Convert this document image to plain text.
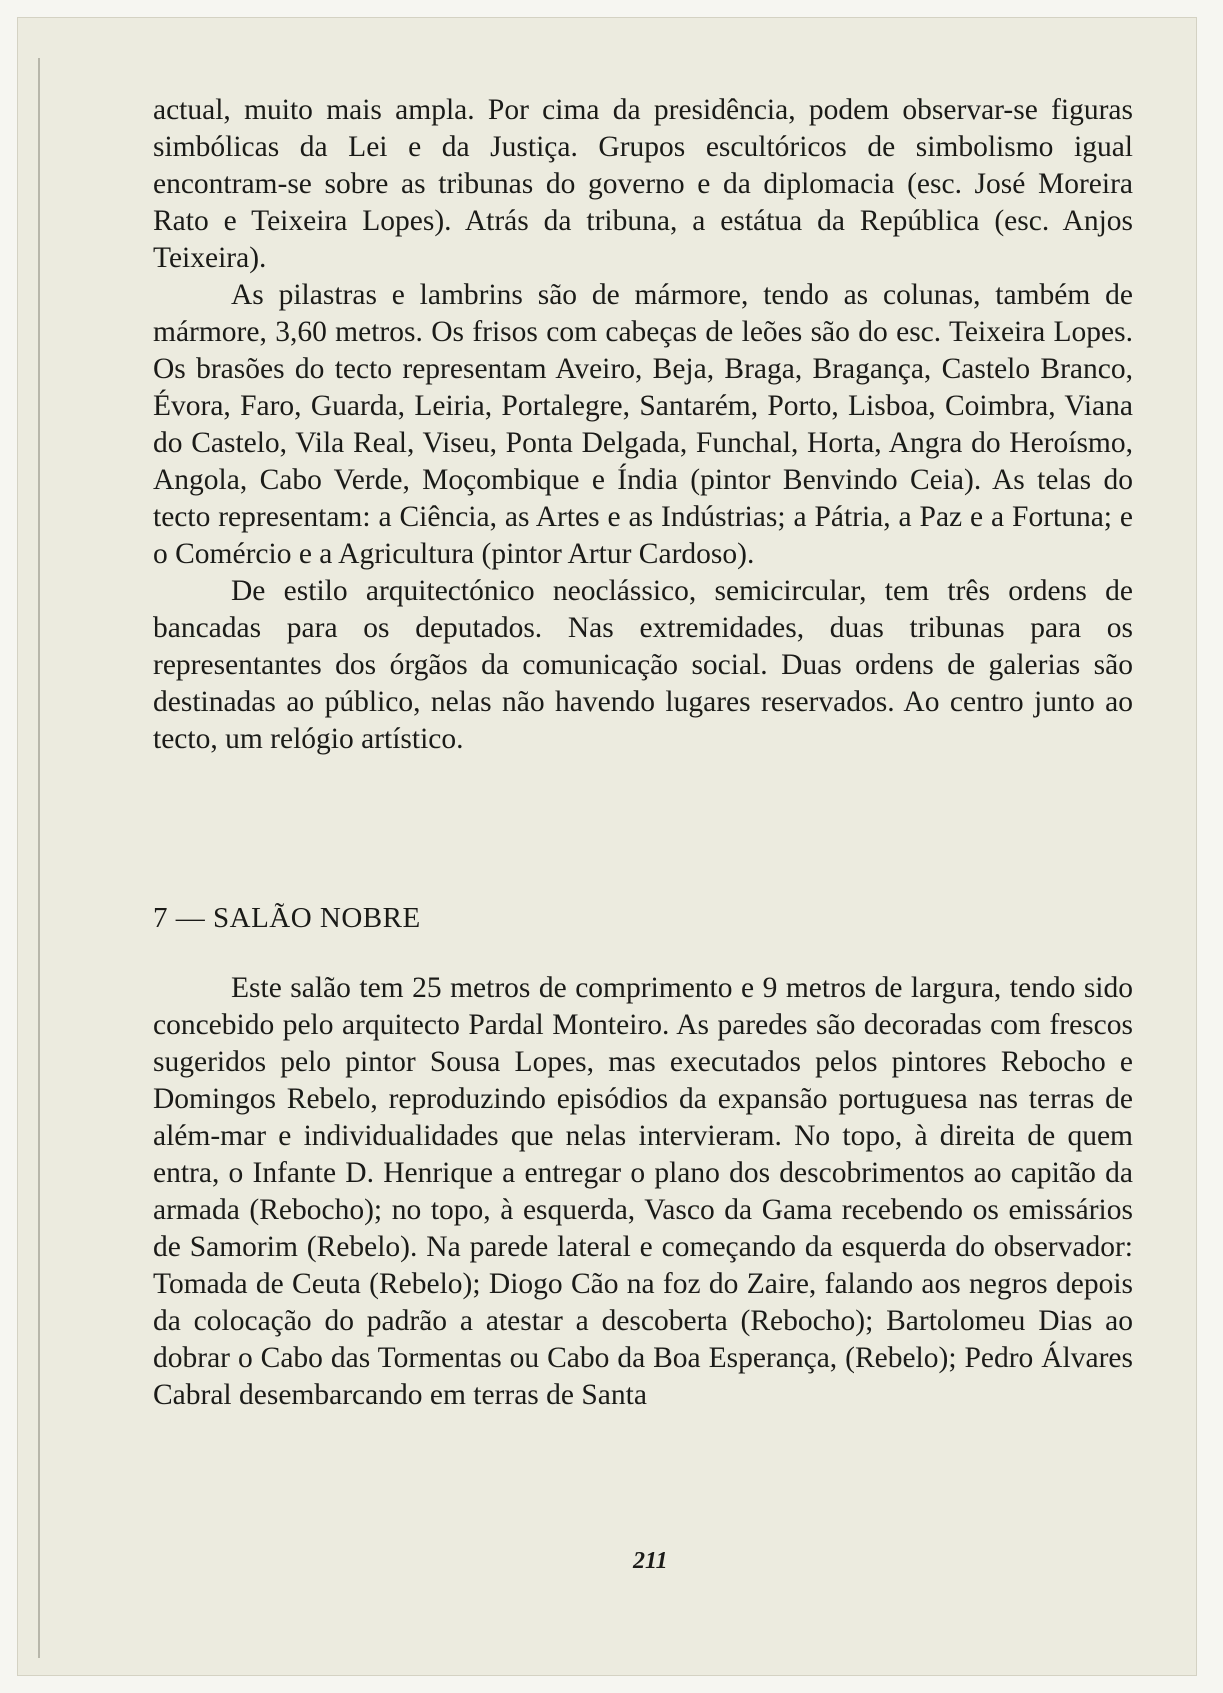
actual, muito mais ampla. Por cima da presidência, podem observar-se figuras simbólicas da Lei e da Justiça. Grupos escultóricos de simbolismo igual encontram-se sobre as tribunas do governo e da diplomacia (esc. José Moreira Rato e Teixeira Lopes). Atrás da tribuna, a estátua da República (esc. Anjos Teixeira).

As pilastras e lambrins são de mármore, tendo as colunas, também de mármore, 3,60 metros. Os frisos com cabeças de leões são do esc. Teixeira Lopes. Os brasões do tecto representam Aveiro, Beja, Braga, Bragança, Castelo Branco, Évora, Faro, Guarda, Leiria, Portalegre, Santarém, Porto, Lisboa, Coimbra, Viana do Castelo, Vila Real, Viseu, Ponta Delgada, Funchal, Horta, Angra do Heroísmo, Angola, Cabo Verde, Moçombique e Índia (pintor Benvindo Ceia). As telas do tecto representam: a Ciência, as Artes e as Indústrias; a Pátria, a Paz e a Fortuna; e o Comércio e a Agricultura (pintor Artur Cardoso).

De estilo arquitectónico neoclássico, semicircular, tem três ordens de bancadas para os deputados. Nas extremidades, duas tribunas para os representantes dos órgãos da comunicação social. Duas ordens de galerias são destinadas ao público, nelas não havendo lugares reservados. Ao centro junto ao tecto, um relógio artístico.

7 — SALÃO NOBRE

Este salão tem 25 metros de comprimento e 9 metros de largura, tendo sido concebido pelo arquitecto Pardal Monteiro. As paredes são decoradas com frescos sugeridos pelo pintor Sousa Lopes, mas executados pelos pintores Rebocho e Domingos Rebelo, reproduzindo episódios da expansão portuguesa nas terras de além-mar e individualidades que nelas intervieram. No topo, à direita de quem entra, o Infante D. Henrique a entregar o plano dos descobrimentos ao capitão da armada (Rebocho); no topo, à esquerda, Vasco da Gama recebendo os emissários de Samorim (Rebelo). Na parede lateral e começando da esquerda do observador: Tomada de Ceuta (Rebelo); Diogo Cão na foz do Zaire, falando aos negros depois da colocação do padrão a atestar a descoberta (Rebocho); Bartolomeu Dias ao dobrar o Cabo das Tormentas ou Cabo da Boa Esperança, (Rebelo); Pedro Álvares Cabral desembarcando em terras de Santa

211
